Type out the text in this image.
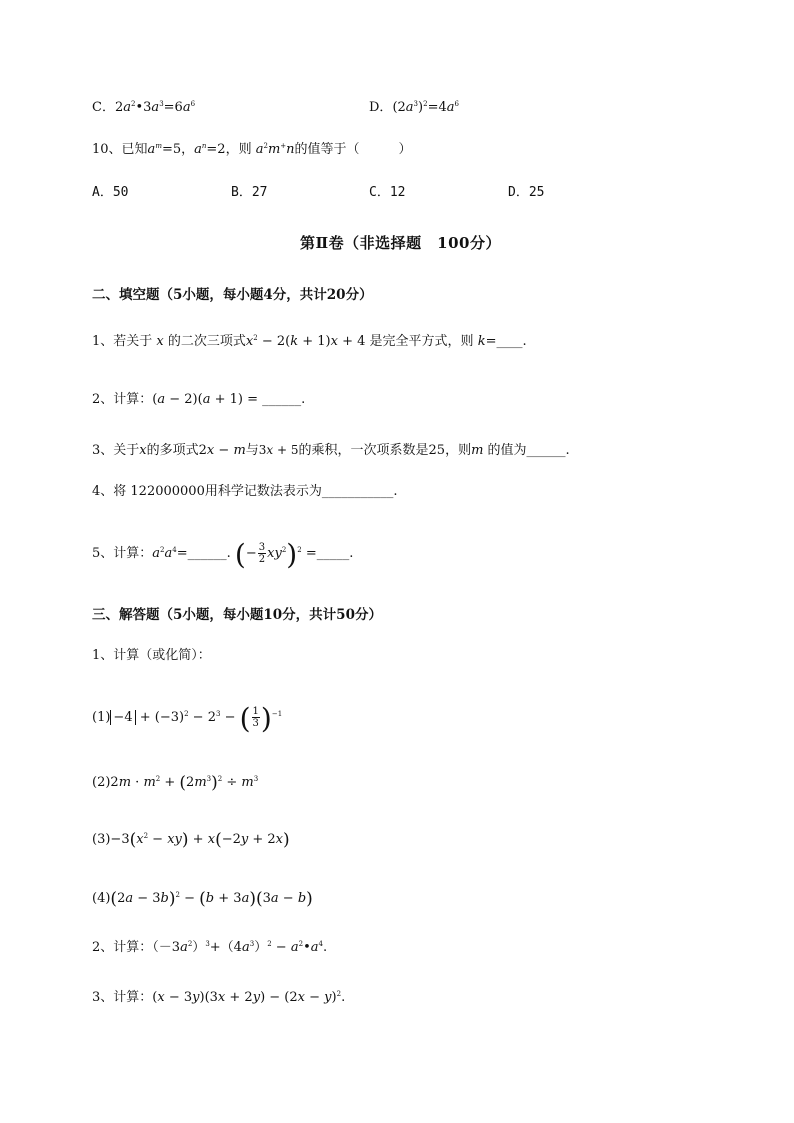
C．$2a^2•3a^3=6a^6$	D．$(2a^3)^2=4a^6$
10、已知$a^m=5$，$a^n=2$，则 $a^2m^+n$的值等于（　　　）
A．50	B．27	C．12	D．25
第Ⅱ卷（非选择题　100分）
二、填空题（5小题，每小题4分，共计20分）
1、若关于 x 的二次三项式$x^2 - 2(k + 1)x + 4$ 是完全平方式，则 k=____.
2、计算：(a − 2)(a + 1) = ______.
3、关于x的多项式2x − m与3x + 5的乘积，一次项系数是25，则m 的值为______.
4、将 122000000用科学记数法表示为___________.
5、计算：$a^2a^4=\_\_\_\_\_\_$. (− $\frac{3}{2} xy^2)^2$ =_____.
三、解答题（5小题，每小题10分，共计50分）
1、计算（或化简）：
$(1) -4 + (-3)^2 - 2^3$ − ( $\frac{1}{3} )^{-1}$
$(2)2m \cdot m^2 + (2m^3)^2 \div m^3$
$(3)-3(x^2 - xy) + x(-2y + 2x)$
$(4)(2a - 3b)^2 - (b + 3a)(3a - b)$
2、计算：$(-3a^2)^3+(4a^3)^2$ − $a^2•a^4$.
3、计算：$(x - 3y)(3x + 2y) - (2x - y)^2$.
